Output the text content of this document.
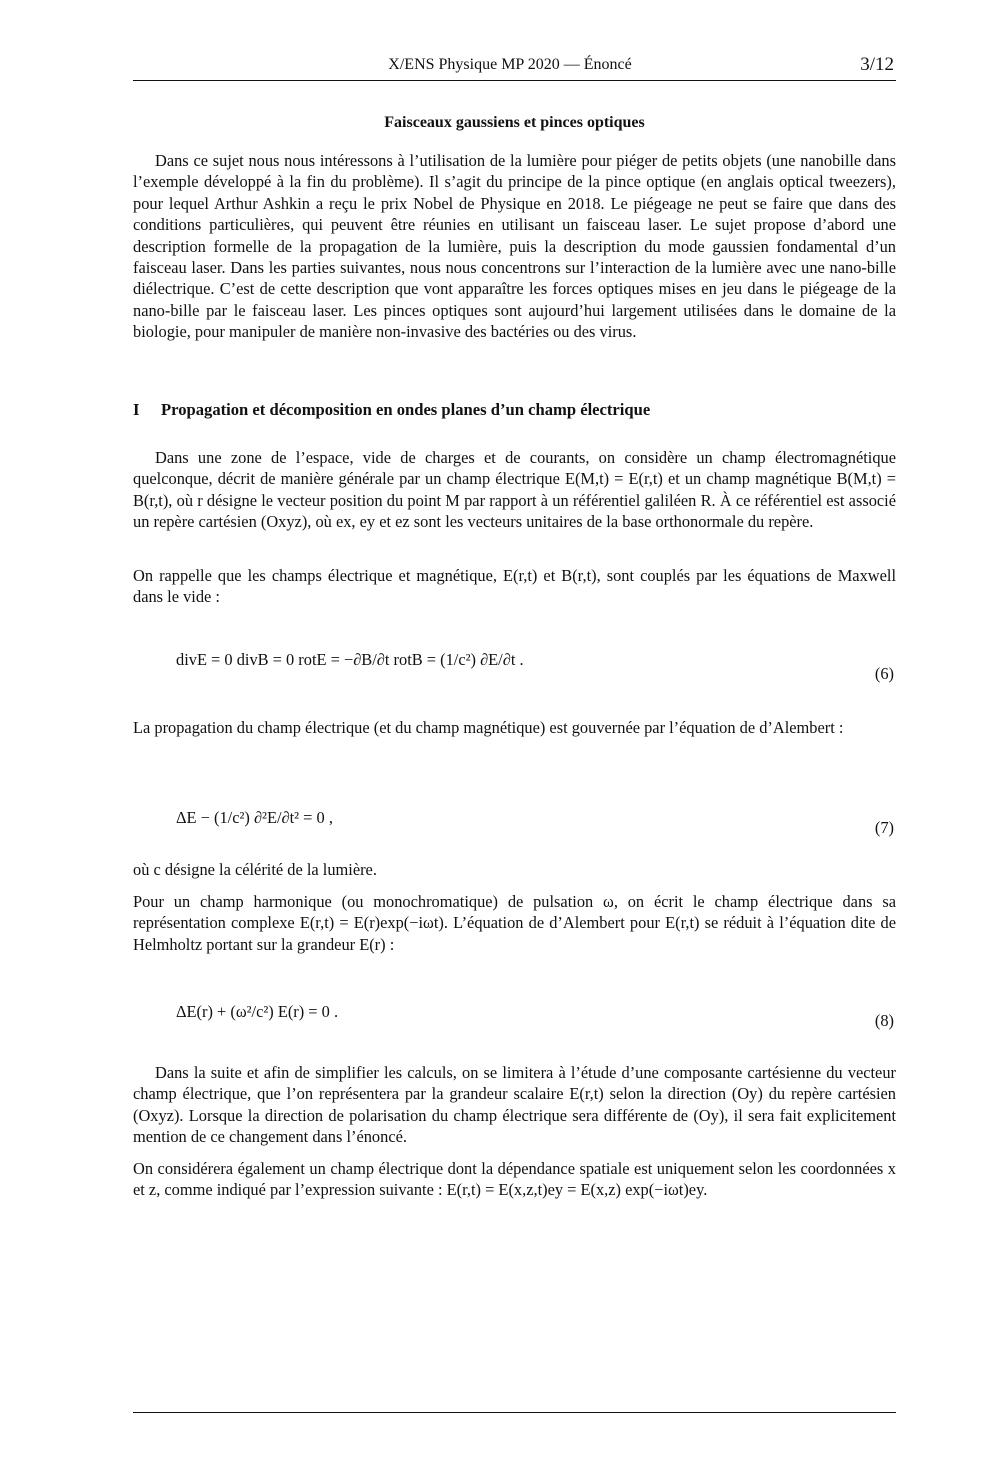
X/ENS Physique MP 2020 — Énoncé	3/12
Faisceaux gaussiens et pinces optiques

Dans ce sujet nous nous intéressons à l’utilisation de la lumière pour piéger de petits objets (une nanobille dans l’exemple développé à la fin du problème). Il s’agit du principe de la pince optique (en anglais optical tweezers), pour lequel Arthur Ashkin a reçu le prix Nobel de Physique en 2018. Le piégeage ne peut se faire que dans des conditions particulières, qui peuvent être réunies en utilisant un faisceau laser. Le sujet propose d’abord une description formelle de la propagation de la lumière, puis la description du mode gaussien fondamental d’un faisceau laser. Dans les parties suivantes, nous nous concentrons sur l’interaction de la lumière avec une nano-bille diélectrique. C’est de cette description que vont apparaître les forces optiques mises en jeu dans le piégeage de la nano-bille par le faisceau laser. Les pinces optiques sont aujourd’hui largement utilisées dans le domaine de la biologie, pour manipuler de manière non-invasive des bactéries ou des virus.

I Propagation et décomposition en ondes planes d’un champ électrique

Dans une zone de l’espace, vide de charges et de courants, on considère un champ électromagnétique quelconque, décrit de manière générale par un champ électrique E(M,t) = E(r,t) et un champ magnétique B(M,t) = B(r,t), où r désigne le vecteur position du point M par rapport à un référentiel galiléen R. À ce référentiel est associé un repère cartésien (Oxyz), où ex, ey et ez sont les vecteurs unitaires de la base orthonormale du repère.

On rappelle que les champs électrique et magnétique, E(r,t) et B(r,t), sont couplés par les équations de Maxwell dans le vide :

divE = 0 divB = 0 rotE = −∂B/∂t rotB = (1/c²) ∂E/∂t .
(6)

La propagation du champ électrique (et du champ magnétique) est gouvernée par l’équation de d’Alembert :

ΔE − (1/c²) ∂²E/∂t² = 0 ,
(7)

où c désigne la célérité de la lumière.

Pour un champ harmonique (ou monochromatique) de pulsation ω, on écrit le champ électrique dans sa représentation complexe E(r,t) = E(r)exp(−iωt). L’équation de d’Alembert pour E(r,t) se réduit à l’équation dite de Helmholtz portant sur la grandeur E(r) :

ΔE(r) + (ω²/c²) E(r) = 0 .	(8)

Dans la suite et afin de simplifier les calculs, on se limitera à l’étude d’une composante cartésienne du vecteur champ électrique, que l’on représentera par la grandeur scalaire E(r,t) selon la direction (Oy) du repère cartésien (Oxyz). Lorsque la direction de polarisation du champ électrique sera différente de (Oy), il sera fait explicitement mention de ce changement dans l’énoncé.

On considérera également un champ électrique dont la dépendance spatiale est uniquement selon les coordonnées x et z, comme indiqué par l’expression suivante : E(r,t) = E(x,z,t)ey = E(x,z) exp(−iωt)ey.
